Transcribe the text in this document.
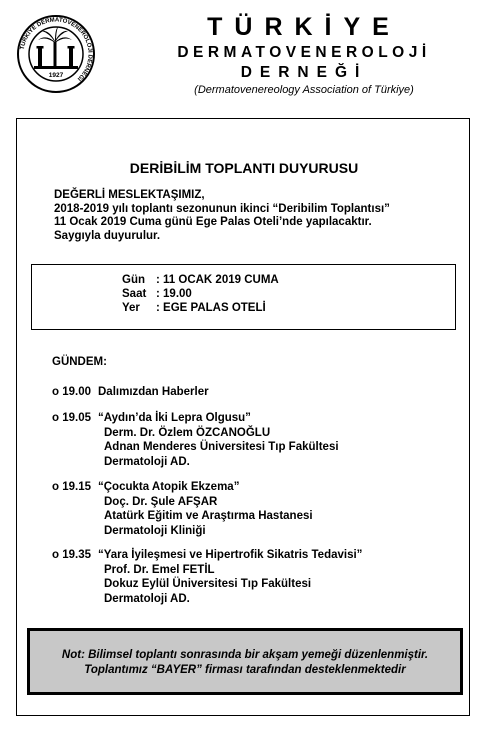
TÜRKİYE DERMATOVENEROLOJİ DERNEĞİ
1927
TÜRKİYE
DERMATOVENEROLOJİ
DERNEĞİ
(Dermatovenereology Association of Türkiye)
DERİBİLİM TOPLANTI DUYURUSU
DEĞERLİ MESLEKTAŞIMIZ,
2018-2019 yılı toplantı sezonunun ikinci “Deribilim Toplantısı”
11 Ocak 2019 Cuma günü Ege Palas Oteli’nde yapılacaktır.
Saygıyla duyurulur.
Gün : 11 OCAK 2019 CUMA
Saat : 19.00
Yer : EGE PALAS OTELİ
GÜNDEM:
o 19.00 Dalımızdan Haberler
o 19.05 “Aydın’da İki Lepra Olgusu”
Derm. Dr. Özlem ÖZCANOĞLU
Adnan Menderes Üniversitesi Tıp Fakültesi
Dermatoloji AD.
o 19.15 “Çocukta Atopik Ekzema”
Doç. Dr. Şule AFŞAR
Atatürk Eğitim ve Araştırma Hastanesi
Dermatoloji Kliniği
o 19.35 “Yara İyileşmesi ve Hipertrofik Sikatris Tedavisi”
Prof. Dr. Emel FETİL
Dokuz Eylül Üniversitesi Tıp Fakültesi
Dermatoloji AD.
Not: Bilimsel toplantı sonrasında bir akşam yemeği düzenlenmiştir.
Toplantımız “BAYER” firması tarafından desteklenmektedir
